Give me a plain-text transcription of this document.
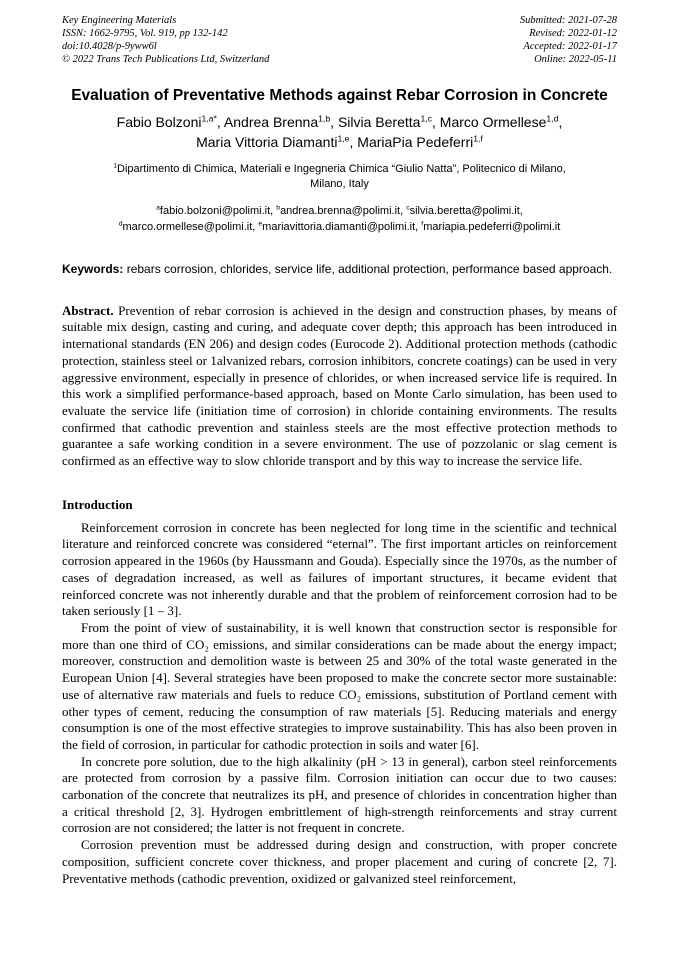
Key Engineering Materials
ISSN: 1662-9795, Vol. 919, pp 132-142
doi:10.4028/p-9yww6l
© 2022 Trans Tech Publications Ltd, Switzerland
Submitted: 2021-07-28
Revised: 2022-01-12
Accepted: 2022-01-17
Online: 2022-05-11
Evaluation of Preventative Methods against Rebar Corrosion in Concrete
Fabio Bolzoni$^{1,a*}$, Andrea Brenna$^{1,b}$, Silvia Beretta$^{1,c}$, Marco Ormellese$^{1,d}$,
Maria Vittoria Diamanti$^{1,e}$, MariaPia Pedeferri$^{1,f}$
$^1$Dipartimento di Chimica, Materiali e Ingegneria Chimica “Giulio Natta”, Politecnico di Milano,
Milano, Italy
$^a$fabio.bolzoni@polimi.it, $^b$andrea.brenna@polimi.it, $^c$silvia.beretta@polimi.it,
$^d$marco.ormellese@polimi.it, $^e$mariavittoria.diamanti@polimi.it, $^f$mariapia.pedeferri@polimi.it

Keywords: rebars corrosion, chlorides, service life, additional protection, performance based approach.

Abstract. Prevention of rebar corrosion is achieved in the design and construction phases, by means of suitable mix design, casting and curing, and adequate cover depth; this approach has been introduced in international standards (EN 206) and design codes (Eurocode 2). Additional protection methods (cathodic protection, stainless steel or 1alvanized rebars, corrosion inhibitors, concrete coatings) can be used in very aggressive environment, especially in presence of chlorides, or when increased service life is required. In this work a simplified performance-based approach, based on Monte Carlo simulation, has been used to evaluate the service life (initiation time of corrosion) in chloride containing environments. The results confirmed that cathodic prevention and stainless steels are the most effective protection methods to guarantee a safe working condition in a severe environment. The use of pozzolanic or slag cement is confirmed as an effective way to slow chloride transport and by this way to increase the service life.

Introduction

Reinforcement corrosion in concrete has been neglected for long time in the scientific and technical literature and reinforced concrete was considered “eternal”. The first important articles on reinforcement corrosion appeared in the 1960s (by Haussmann and Gouda). Especially since the 1970s, as the number of cases of degradation increased, as well as failures of important structures, it became evident that reinforced concrete was not inherently durable and that the problem of reinforcement corrosion had to be taken seriously [1 – 3].

From the point of view of sustainability, it is well known that construction sector is responsible for more than one third of CO₂ emissions, and similar considerations can be made about the energy impact; moreover, construction and demolition waste is between 25 and 30% of the total waste generated in the European Union [4]. Several strategies have been proposed to make the concrete sector more sustainable: use of alternative raw materials and fuels to reduce CO₂ emissions, substitution of Portland cement with other types of cement, reducing the consumption of raw materials [5]. Reducing materials and energy consumption is one of the most effective strategies to improve sustainability. This has also been proven in the field of corrosion, in particular for cathodic protection in soils and water [6].

In concrete pore solution, due to the high alkalinity (pH > 13 in general), carbon steel reinforcements are protected from corrosion by a passive film. Corrosion initiation can occur due to two causes: carbonation of the concrete that neutralizes its pH, and presence of chlorides in concentration higher than a critical threshold [2, 3]. Hydrogen embrittlement of high-strength reinforcements and stray current corrosion are not considered; the latter is not frequent in concrete.

Corrosion prevention must be addressed during design and construction, with proper concrete composition, sufficient concrete cover thickness, and proper placement and curing of concrete [2, 7]. Preventative methods (cathodic prevention, oxidized or galvanized steel reinforcement,
